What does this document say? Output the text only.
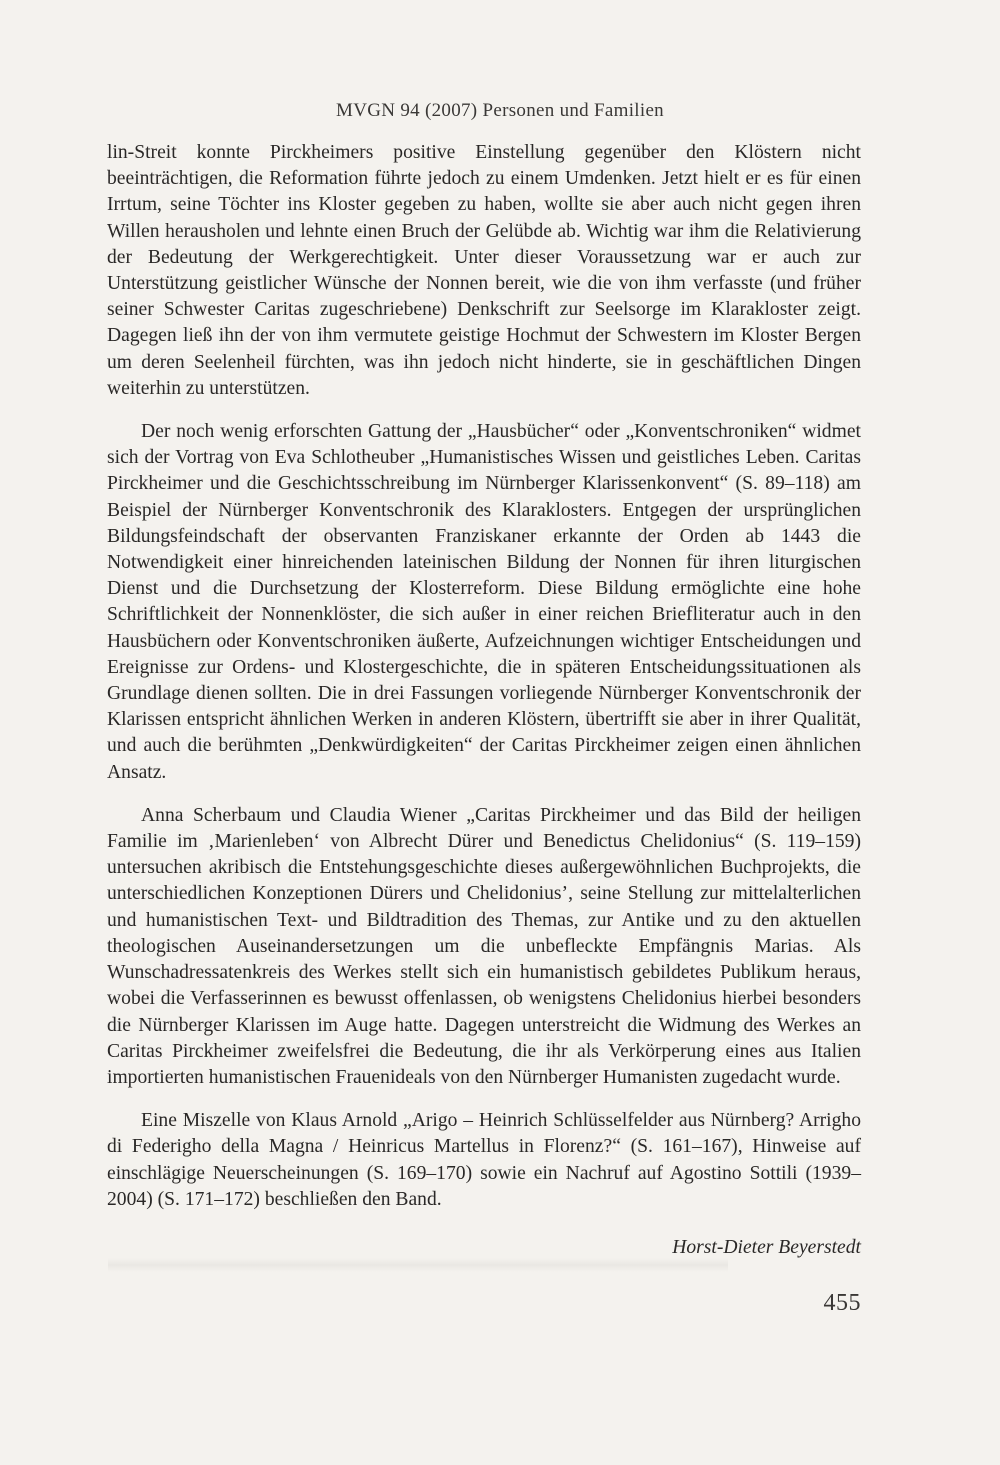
MVGN 94 (2007) Personen und Familien

lin-Streit konnte Pirckheimers positive Einstellung gegenüber den Klöstern nicht beeinträchtigen, die Reformation führte jedoch zu einem Umdenken. Jetzt hielt er es für einen Irrtum, seine Töchter ins Kloster gegeben zu haben, wollte sie aber auch nicht gegen ihren Willen herausholen und lehnte einen Bruch der Gelübde ab. Wichtig war ihm die Relativierung der Bedeutung der Werkgerechtigkeit. Unter dieser Voraussetzung war er auch zur Unterstützung geistlicher Wünsche der Nonnen bereit, wie die von ihm verfasste (und früher seiner Schwester Caritas zugeschriebene) Denkschrift zur Seelsorge im Klarakloster zeigt. Dagegen ließ ihn der von ihm vermutete geistige Hochmut der Schwestern im Kloster Bergen um deren Seelenheil fürchten, was ihn jedoch nicht hinderte, sie in geschäftlichen Dingen weiterhin zu unterstützen.

Der noch wenig erforschten Gattung der „Hausbücher“ oder „Konventschroniken“ widmet sich der Vortrag von Eva Schlotheuber „Humanistisches Wissen und geistliches Leben. Caritas Pirckheimer und die Geschichtsschreibung im Nürnberger Klarissenkonvent“ (S. 89–118) am Beispiel der Nürnberger Konventschronik des Klaraklosters. Entgegen der ursprünglichen Bildungsfeindschaft der observanten Franziskaner erkannte der Orden ab 1443 die Notwendigkeit einer hinreichenden lateinischen Bildung der Nonnen für ihren liturgischen Dienst und die Durchsetzung der Klosterreform. Diese Bildung ermöglichte eine hohe Schriftlichkeit der Nonnenklöster, die sich außer in einer reichen Briefliteratur auch in den Hausbüchern oder Konventschroniken äußerte, Aufzeichnungen wichtiger Entscheidungen und Ereignisse zur Ordens- und Klostergeschichte, die in späteren Entscheidungssituationen als Grundlage dienen sollten. Die in drei Fassungen vorliegende Nürnberger Konventschronik der Klarissen entspricht ähnlichen Werken in anderen Klöstern, übertrifft sie aber in ihrer Qualität, und auch die berühmten „Denkwürdigkeiten“ der Caritas Pirckheimer zeigen einen ähnlichen Ansatz.

Anna Scherbaum und Claudia Wiener „Caritas Pirckheimer und das Bild der heiligen Familie im ‚Marienleben‘ von Albrecht Dürer und Benedictus Chelidonius“ (S. 119–159) untersuchen akribisch die Entstehungsgeschichte dieses außergewöhnlichen Buchprojekts, die unterschiedlichen Konzeptionen Dürers und Chelidonius’, seine Stellung zur mittelalterlichen und humanistischen Text- und Bildtradition des Themas, zur Antike und zu den aktuellen theologischen Auseinandersetzungen um die unbefleckte Empfängnis Marias. Als Wunschadressatenkreis des Werkes stellt sich ein humanistisch gebildetes Publikum heraus, wobei die Verfasserinnen es bewusst offenlassen, ob wenigstens Chelidonius hierbei besonders die Nürnberger Klarissen im Auge hatte. Dagegen unterstreicht die Widmung des Werkes an Caritas Pirckheimer zweifelsfrei die Bedeutung, die ihr als Verkörperung eines aus Italien importierten humanistischen Frauenideals von den Nürnberger Humanisten zugedacht wurde.

Eine Miszelle von Klaus Arnold „Arigo – Heinrich Schlüsselfelder aus Nürnberg? Arrigho di Federigho della Magna / Heinricus Martellus in Florenz?“ (S. 161–167), Hinweise auf einschlägige Neuerscheinungen (S. 169–170) sowie ein Nachruf auf Agostino Sottili (1939–2004) (S. 171–172) beschließen den Band.

Horst-Dieter Beyerstedt
455
